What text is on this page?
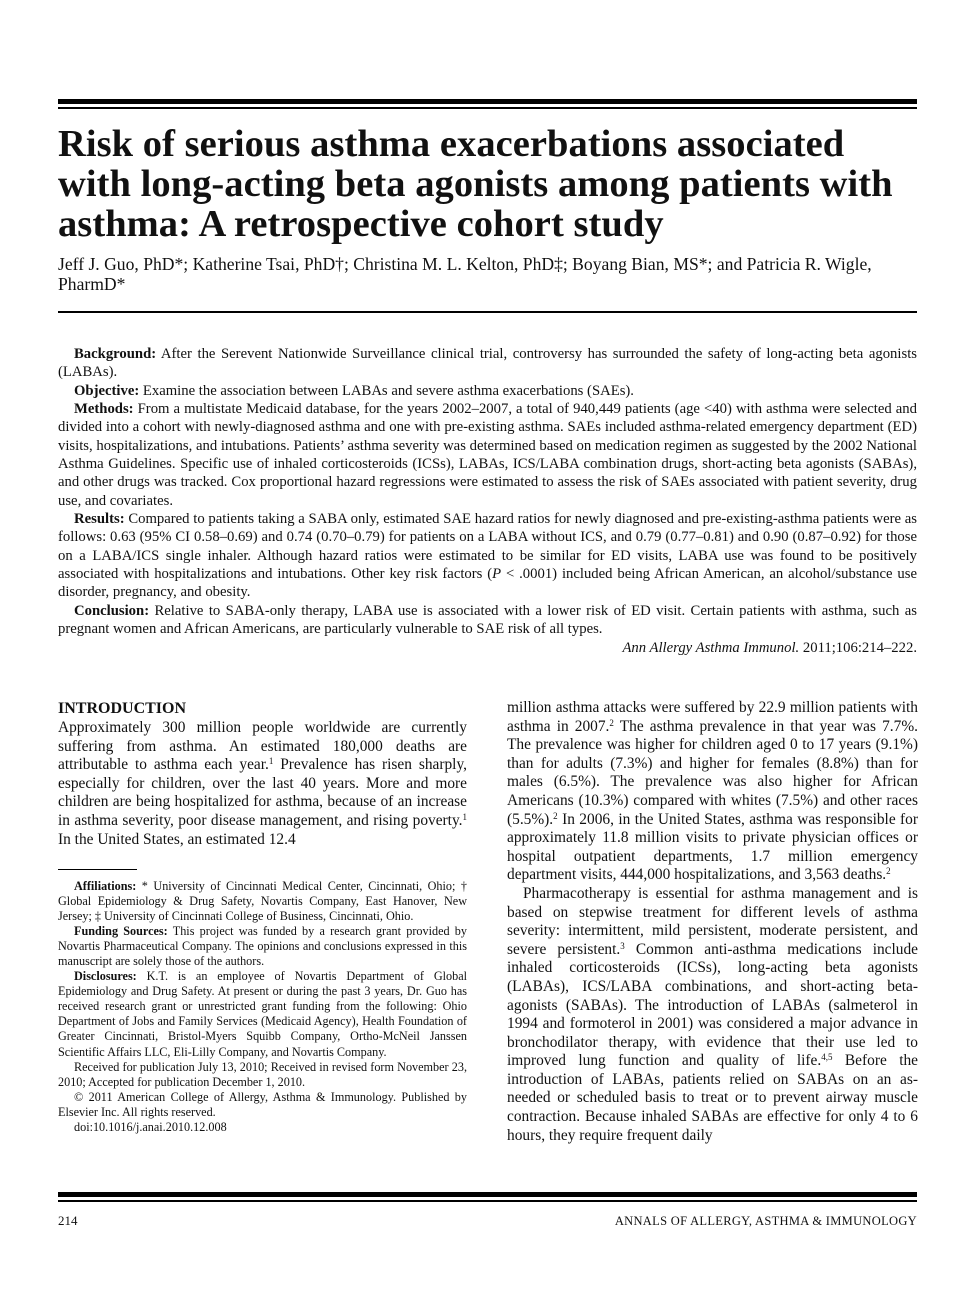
Risk of serious asthma exacerbations associated with long-acting beta agonists among patients with asthma: A retrospective cohort study

Jeff J. Guo, PhD*; Katherine Tsai, PhD†; Christina M. L. Kelton, PhD‡; Boyang Bian, MS*; and Patricia R. Wigle, PharmD*

Background: After the Serevent Nationwide Surveillance clinical trial, controversy has surrounded the safety of long-acting beta agonists (LABAs).

Objective: Examine the association between LABAs and severe asthma exacerbations (SAEs).

Methods: From a multistate Medicaid database, for the years 2002–2007, a total of 940,449 patients (age <40) with asthma were selected and divided into a cohort with newly-diagnosed asthma and one with pre-existing asthma. SAEs included asthma-related emergency department (ED) visits, hospitalizations, and intubations. Patients’ asthma severity was determined based on medication regimen as suggested by the 2002 National Asthma Guidelines. Specific use of inhaled corticosteroids (ICSs), LABAs, ICS/LABA combination drugs, short-acting beta agonists (SABAs), and other drugs was tracked. Cox proportional hazard regressions were estimated to assess the risk of SAEs associated with patient severity, drug use, and covariates.

Results: Compared to patients taking a SABA only, estimated SAE hazard ratios for newly diagnosed and pre-existing-asthma patients were as follows: 0.63 (95% CI 0.58–0.69) and 0.74 (0.70–0.79) for patients on a LABA without ICS, and 0.79 (0.77–0.81) and 0.90 (0.87–0.92) for those on a LABA/ICS single inhaler. Although hazard ratios were estimated to be similar for ED visits, LABA use was found to be positively associated with hospitalizations and intubations. Other key risk factors (P < .0001) included being African American, an alcohol/substance use disorder, pregnancy, and obesity.

Conclusion: Relative to SABA-only therapy, LABA use is associated with a lower risk of ED visit. Certain patients with asthma, such as pregnant women and African Americans, are particularly vulnerable to SAE risk of all types.

Ann Allergy Asthma Immunol. 2011;106:214–222.

INTRODUCTION

Approximately 300 million people worldwide are currently suffering from asthma. An estimated 180,000 deaths are attributable to asthma each year.$^1$ Prevalence has risen sharply, especially for children, over the last 40 years. More and more children are being hospitalized for asthma, because of an increase in asthma severity, poor disease management, and rising poverty.$^1$ In the United States, an estimated 12.4

Affiliations: * University of Cincinnati Medical Center, Cincinnati, Ohio; † Global Epidemiology & Drug Safety, Novartis Company, East Hanover, New Jersey; ‡ University of Cincinnati College of Business, Cincinnati, Ohio.

Funding Sources: This project was funded by a research grant provided by Novartis Pharmaceutical Company. The opinions and conclusions expressed in this manuscript are solely those of the authors.

Disclosures: K.T. is an employee of Novartis Department of Global Epidemiology and Drug Safety. At present or during the past 3 years, Dr. Guo has received research grant or unrestricted grant funding from the following: Ohio Department of Jobs and Family Services (Medicaid Agency), Health Foundation of Greater Cincinnati, Bristol-Myers Squibb Company, Ortho-McNeil Janssen Scientific Affairs LLC, Eli-Lilly Company, and Novartis Company.

Received for publication July 13, 2010; Received in revised form November 23, 2010; Accepted for publication December 1, 2010.

© 2011 American College of Allergy, Asthma & Immunology. Published by Elsevier Inc. All rights reserved.

doi:10.1016/j.anai.2010.12.008

million asthma attacks were suffered by 22.9 million patients with asthma in 2007.$^2$ The asthma prevalence in that year was 7.7%. The prevalence was higher for children aged 0 to 17 years (9.1%) than for adults (7.3%) and higher for females (8.8%) than for males (6.5%). The prevalence was also higher for African Americans (10.3%) compared with whites (7.5%) and other races (5.5%).$^2$ In 2006, in the United States, asthma was responsible for approximately 11.8 million visits to private physician offices or hospital outpatient departments, 1.7 million emergency department visits, 444,000 hospitalizations, and 3,563 deaths.$^2$

Pharmacotherapy is essential for asthma management and is based on stepwise treatment for different levels of asthma severity: intermittent, mild persistent, moderate persistent, and severe persistent.$^3$ Common anti-asthma medications include inhaled corticosteroids (ICSs), long-acting beta agonists (LABAs), ICS/LABA combinations, and short-acting beta-agonists (SABAs). The introduction of LABAs (salmeterol in 1994 and formoterol in 2001) was considered a major advance in bronchodilator therapy, with evidence that their use led to improved lung function and quality of life.$^{4,5}$ Before the introduction of LABAs, patients relied on SABAs on an as-needed or scheduled basis to treat or to prevent airway muscle contraction. Because inhaled SABAs are effective for only 4 to 6 hours, they require frequent daily

214	ANNALS OF ALLERGY, ASTHMA & IMMUNOLOGY
